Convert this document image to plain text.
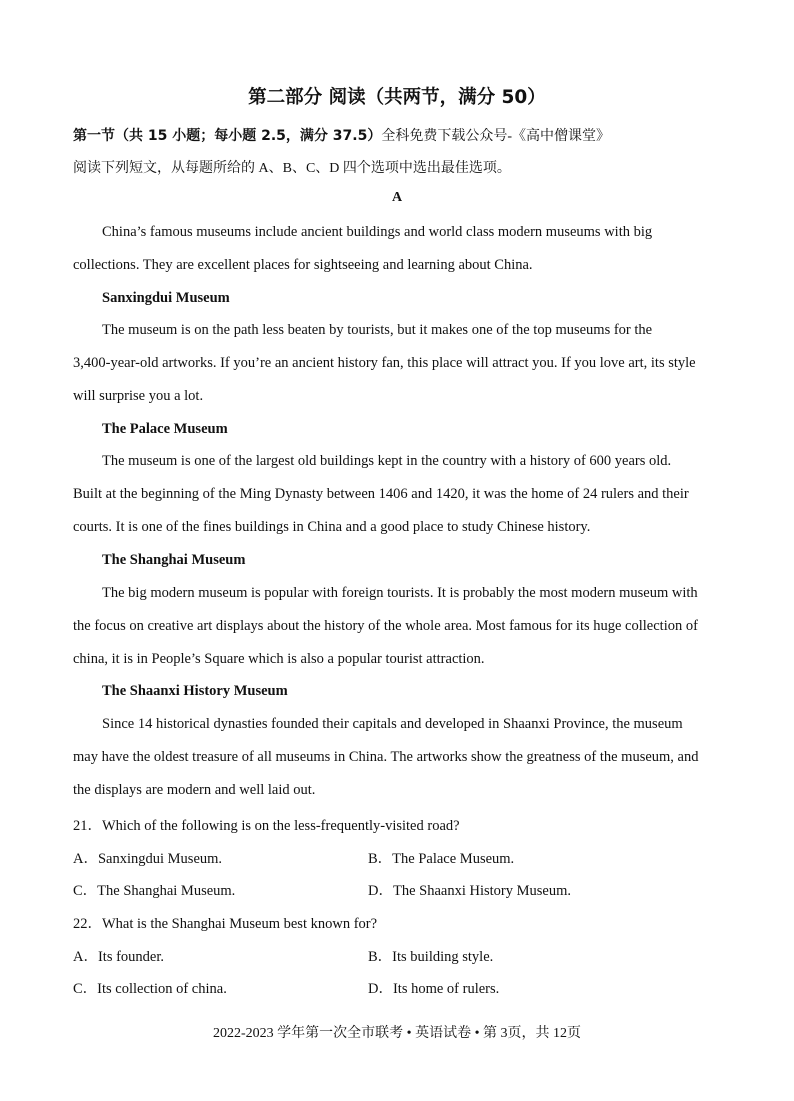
第二部分 阅读（共两节，满分 50）
第一节（共 15 小题；每小题 2.5，满分 37.5）全科免费下载公众号-《高中僧课堂》
阅读下列短文，从每题所给的 A、B、C、D 四个选项中选出最佳选项。
A
China’s famous museums include ancient buildings and world class modern museums with big
collections. They are excellent places for sightseeing and learning about China.
Sanxingdui Museum
The museum is on the path less beaten by tourists, but it makes one of the top museums for the
3,400-year-old artworks. If you’re an ancient history fan, this place will attract you. If you love art, its style
will surprise you a lot.
The Palace Museum
The museum is one of the largest old buildings kept in the country with a history of 600 years old.
Built at the beginning of the Ming Dynasty between 1406 and 1420, it was the home of 24 rulers and their
courts. It is one of the fines buildings in China and a good place to study Chinese history.
The Shanghai Museum
The big modern museum is popular with foreign tourists. It is probably the most modern museum with
the focus on creative art displays about the history of the whole area. Most famous for its huge collection of
china, it is in People’s Square which is also a popular tourist attraction.
The Shaanxi History Museum
Since 14 historical dynasties founded their capitals and developed in Shaanxi Province, the museum
may have the oldest treasure of all museums in China. The artworks show the greatness of the museum, and
the displays are modern and well laid out.
21．Which of the following is on the less-frequently-visited road?
A．Sanxingdui Museum.	B．The Palace Museum.
C．The Shanghai Museum.	D．The Shaanxi History Museum.
22．What is the Shanghai Museum best known for?
A．Its founder.	B．Its building style.
C．Its collection of china.	D．Its home of rulers.
2022-2023 学年第一次全市联考 • 英语试卷 • 第 3页，共 12页
